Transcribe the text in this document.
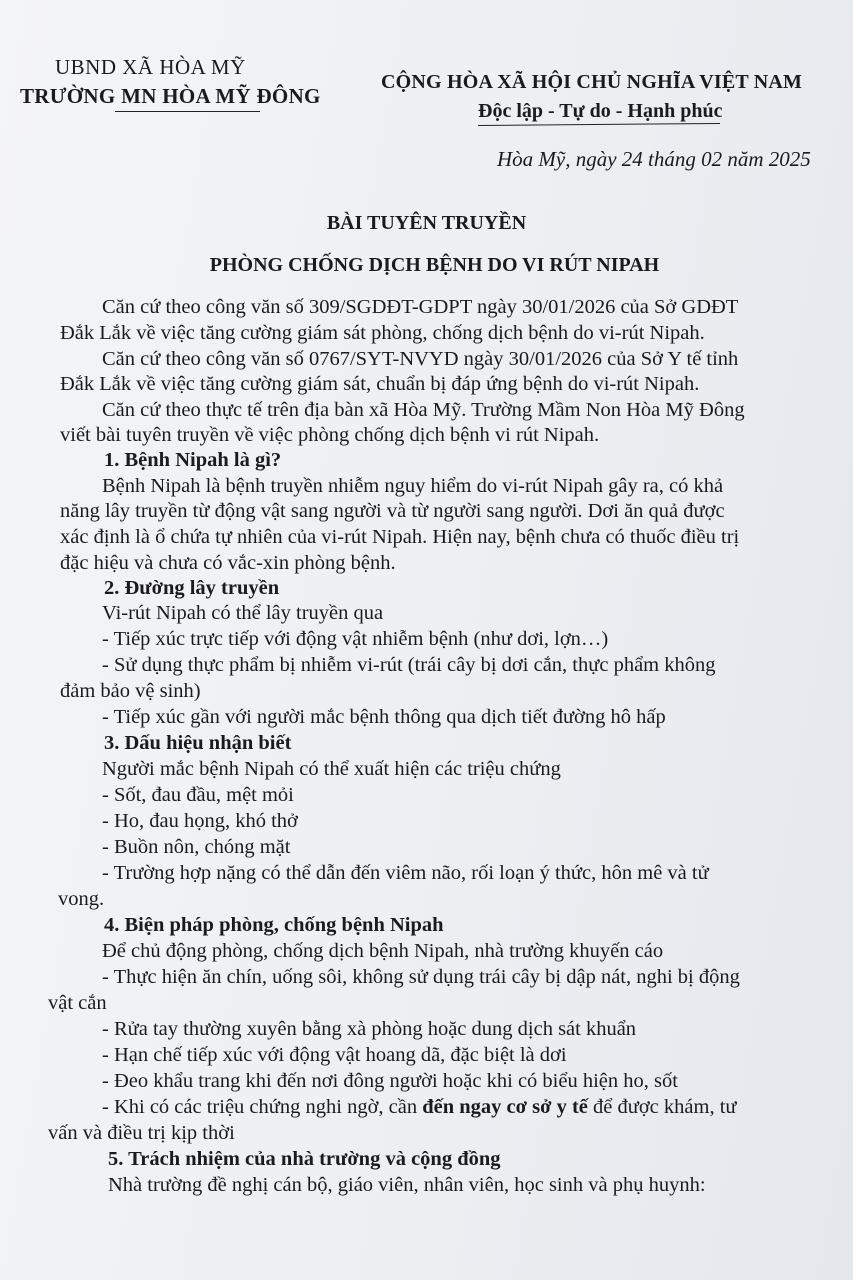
UBND XÃ HÒA MỸ
TRƯỜNG MN HÒA MỸ ĐÔNG
CỘNG HÒA XÃ HỘI CHỦ NGHĨA VIỆT NAM
Độc lập - Tự do - Hạnh phúc
Hòa Mỹ, ngày 24 tháng 02 năm 2025
BÀI TUYÊN TRUYỀN
PHÒNG CHỐNG DỊCH BỆNH DO VI RÚT NIPAH
Căn cứ theo công văn số 309/SGDĐT-GDPT ngày 30/01/2026 của Sở GDĐT
Đắk Lắk về việc tăng cường giám sát phòng, chống dịch bệnh do vi-rút Nipah.
Căn cứ theo công văn số 0767/SYT-NVYD ngày 30/01/2026 của Sở Y tế tỉnh
Đắk Lắk về việc tăng cường giám sát, chuẩn bị đáp ứng bệnh do vi-rút Nipah.
Căn cứ theo thực tế trên địa bàn xã Hòa Mỹ. Trường Mầm Non Hòa Mỹ Đông
viết bài tuyên truyền về việc phòng chống dịch bệnh vi rút Nipah.
1. Bệnh Nipah là gì?
Bệnh Nipah là bệnh truyền nhiễm nguy hiểm do vi-rút Nipah gây ra, có khả
năng lây truyền từ động vật sang người và từ người sang người. Dơi ăn quả được
xác định là ổ chứa tự nhiên của vi-rút Nipah. Hiện nay, bệnh chưa có thuốc điều trị
đặc hiệu và chưa có vắc-xin phòng bệnh.
2. Đường lây truyền
Vi-rút Nipah có thể lây truyền qua
- Tiếp xúc trực tiếp với động vật nhiễm bệnh (như dơi, lợn…)
- Sử dụng thực phẩm bị nhiễm vi-rút (trái cây bị dơi cắn, thực phẩm không
đảm bảo vệ sinh)
- Tiếp xúc gần với người mắc bệnh thông qua dịch tiết đường hô hấp
3. Dấu hiệu nhận biết
Người mắc bệnh Nipah có thể xuất hiện các triệu chứng
- Sốt, đau đầu, mệt mỏi
- Ho, đau họng, khó thở
- Buồn nôn, chóng mặt
- Trường hợp nặng có thể dẫn đến viêm não, rối loạn ý thức, hôn mê và tử
vong.
4. Biện pháp phòng, chống bệnh Nipah
Để chủ động phòng, chống dịch bệnh Nipah, nhà trường khuyến cáo
- Thực hiện ăn chín, uống sôi, không sử dụng trái cây bị dập nát, nghi bị động
vật cắn
- Rửa tay thường xuyên bằng xà phòng hoặc dung dịch sát khuẩn
- Hạn chế tiếp xúc với động vật hoang dã, đặc biệt là dơi
- Đeo khẩu trang khi đến nơi đông người hoặc khi có biểu hiện ho, sốt
- Khi có các triệu chứng nghi ngờ, cần đến ngay cơ sở y tế để được khám, tư
vấn và điều trị kịp thời
5. Trách nhiệm của nhà trường và cộng đồng
Nhà trường đề nghị cán bộ, giáo viên, nhân viên, học sinh và phụ huynh:
